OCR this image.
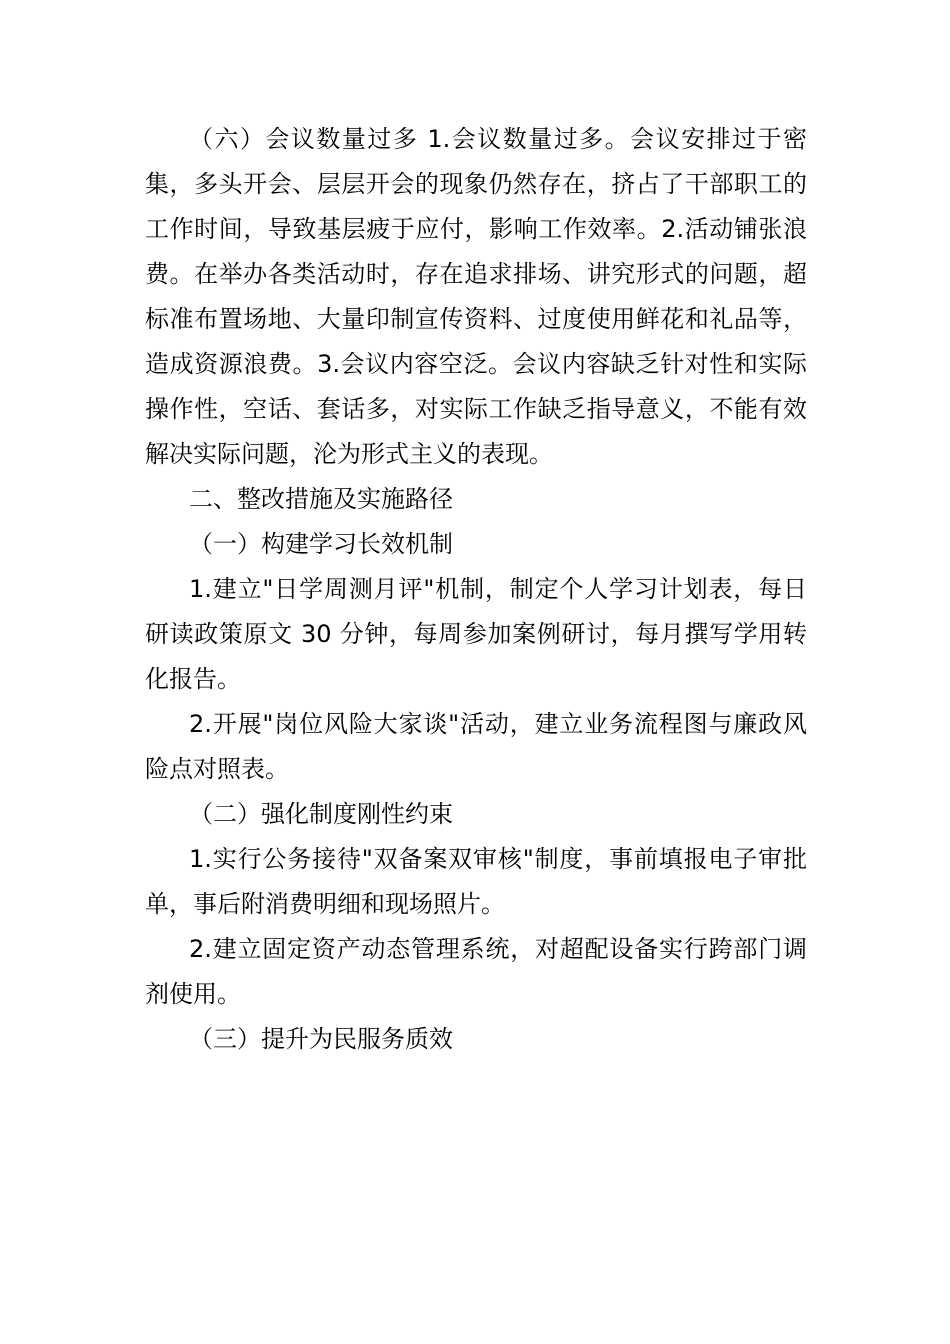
（六）会议数量过多 1.会议数量过多。会议安排过于密集，多头开会、层层开会的现象仍然存在，挤占了干部职工的工作时间，导致基层疲于应付，影响工作效率。2.活动铺张浪费。在举办各类活动时，存在追求排场、讲究形式的问题，超标准布置场地、大量印制宣传资料、过度使用鲜花和礼品等，造成资源浪费。3.会议内容空泛。会议内容缺乏针对性和实际操作性，空话、套话多，对实际工作缺乏指导意义，不能有效解决实际问题，沦为形式主义的表现。

二、整改措施及实施路径

（一）构建学习长效机制

1.建立"日学周测月评"机制，制定个人学习计划表，每日研读政策原文 30 分钟，每周参加案例研讨，每月撰写学用转化报告。

2.开展"岗位风险大家谈"活动，建立业务流程图与廉政风险点对照表。

（二）强化制度刚性约束

1.实行公务接待"双备案双审核"制度，事前填报电子审批单，事后附消费明细和现场照片。

2.建立固定资产动态管理系统，对超配设备实行跨部门调剂使用。

（三）提升为民服务质效
